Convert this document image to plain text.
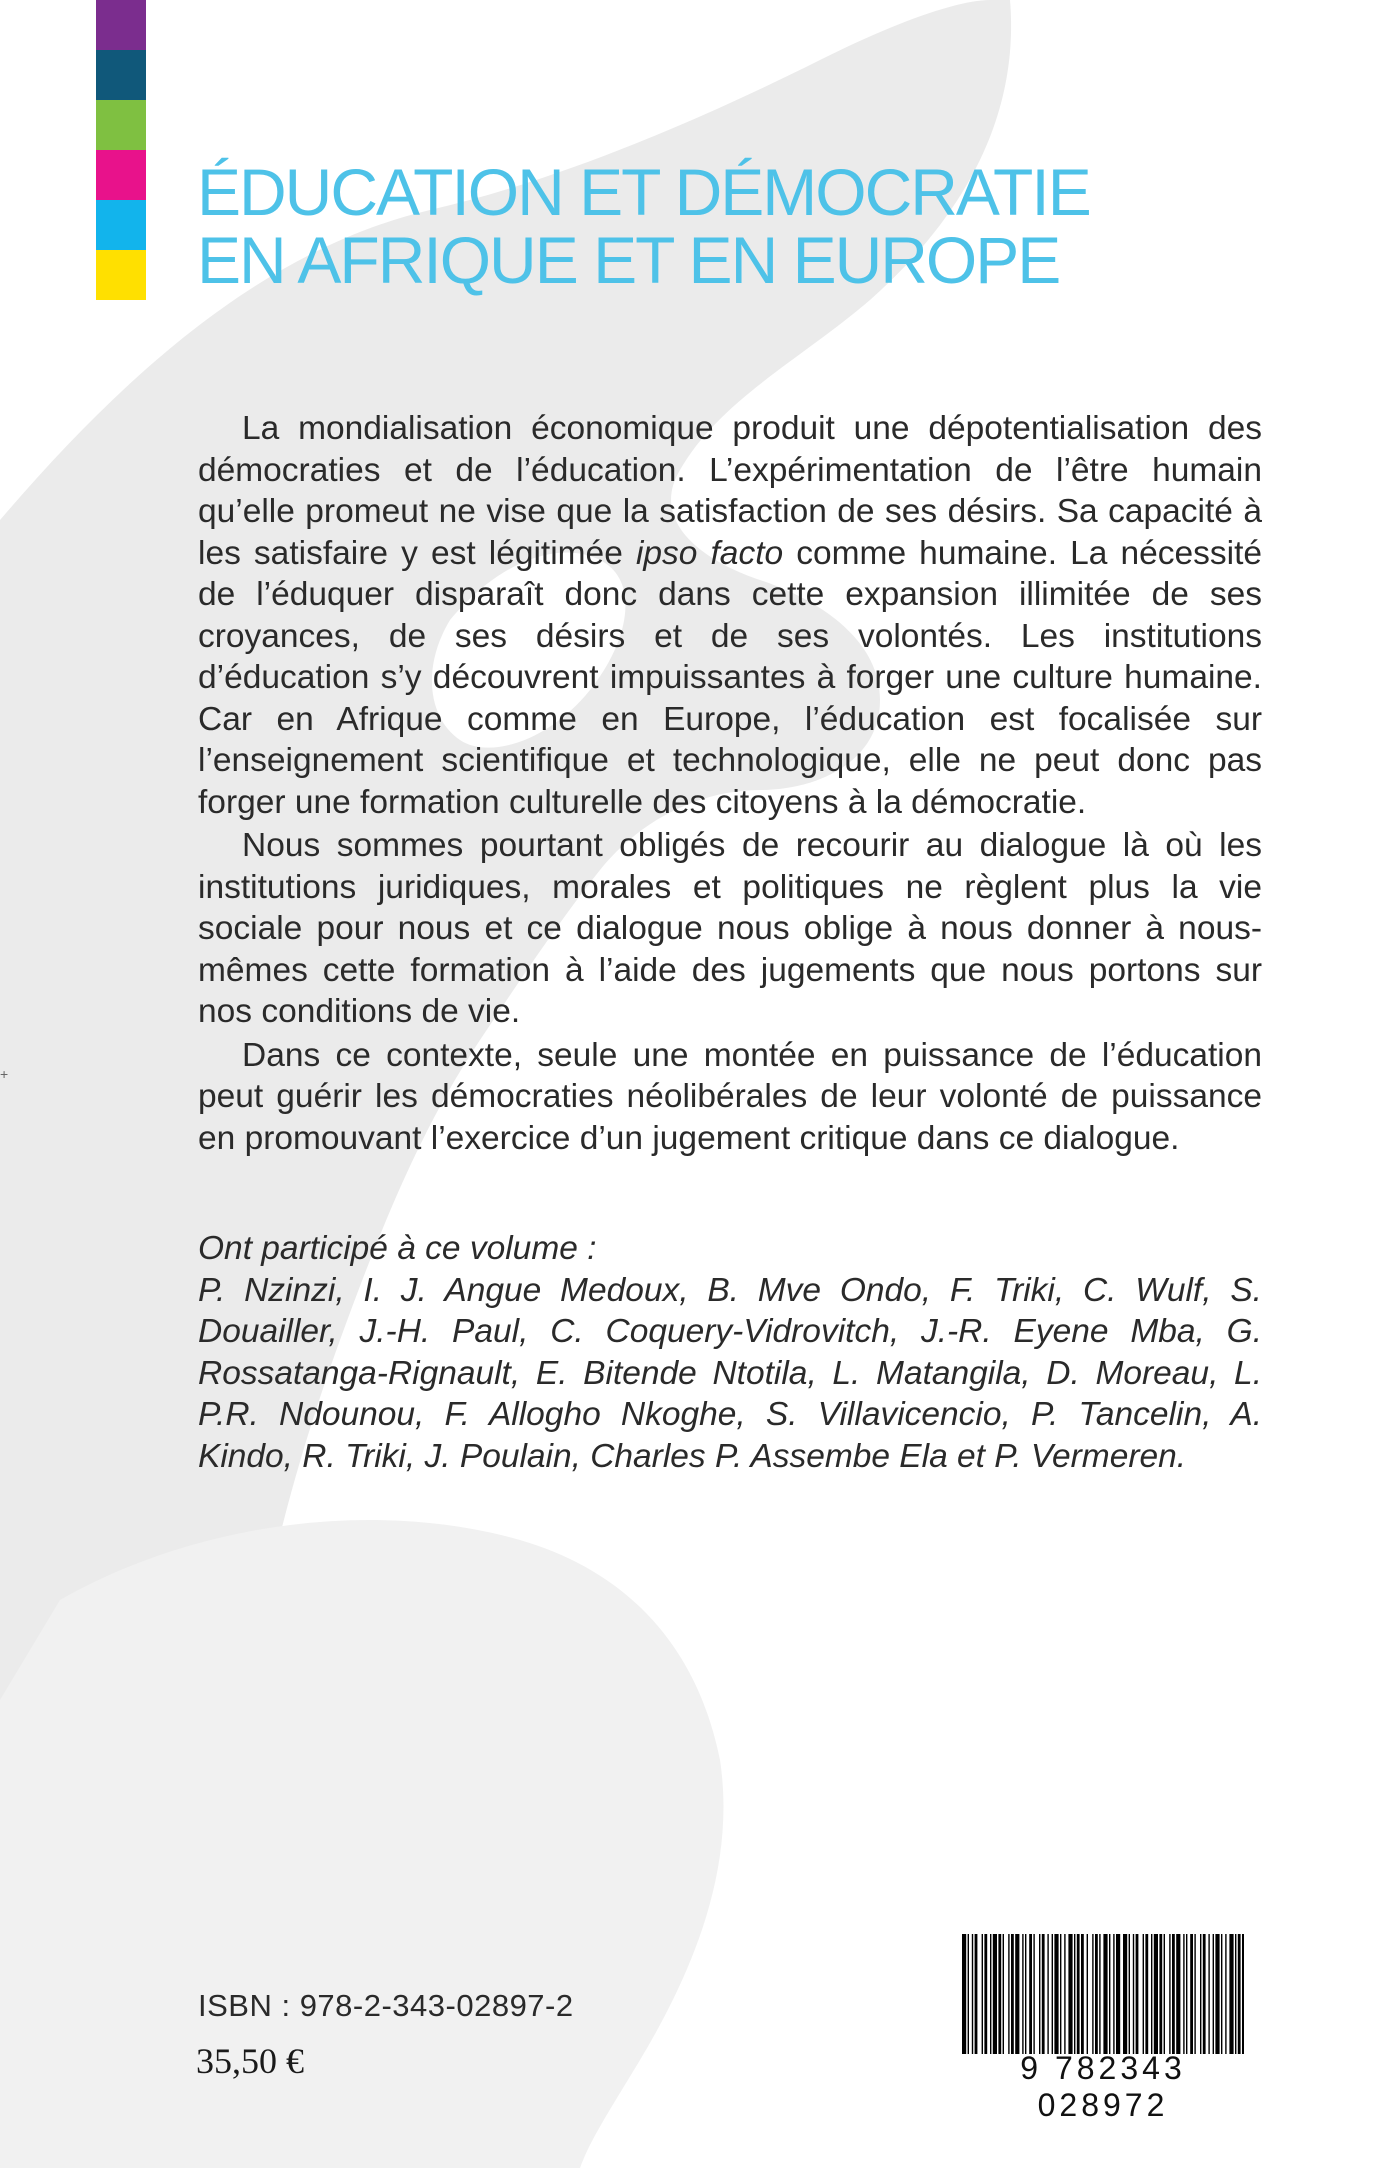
+
ÉDUCATION ET DÉMOCRATIE
EN AFRIQUE ET EN EUROPE

La mondialisation économique produit une dépotentialisation des démocraties et de l’éducation. L’expérimentation de l’être humain qu’elle promeut ne vise que la satisfaction de ses désirs. Sa capacité à les satisfaire y est légitimée ipso facto comme humaine. La nécessité de l’éduquer disparaît donc dans cette expansion illimitée de ses croyances, de ses désirs et de ses volontés. Les institutions d’éducation s’y découvrent impuissantes à forger une culture humaine. Car en Afrique comme en Europe, l’éducation est focalisée sur l’enseignement scientifique et technologique, elle ne peut donc pas forger une formation culturelle des citoyens à la démocratie.

Nous sommes pourtant obligés de recourir au dialogue là où les institutions juridiques, morales et politiques ne règlent plus la vie sociale pour nous et ce dialogue nous oblige à nous donner à nous-mêmes cette formation à l’aide des jugements que nous portons sur nos conditions de vie.

Dans ce contexte, seule une montée en puissance de l’éducation peut guérir les démocraties néolibérales de leur volonté de puissance en promouvant l’exercice d’un jugement critique dans ce dialogue.

Ont participé à ce volume :

P. Nzinzi, I. J. Angue Medoux, B. Mve Ondo, F. Triki, C. Wulf, S. Douailler, J.-H. Paul, C. Coquery-Vidrovitch, J.-R. Eyene Mba, G. Rossatanga-Rignault, E. Bitende Ntotila, L. Matangila, D. Moreau, L. P.R. Ndounou, F. Allogho Nkoghe, S. Villavicencio, P. Tancelin, A. Kindo, R. Triki, J. Poulain, Charles P. Assembe Ela et P. Vermeren.

ISBN : 978-2-343-02897-2
35,50 €	9 782343 028972
